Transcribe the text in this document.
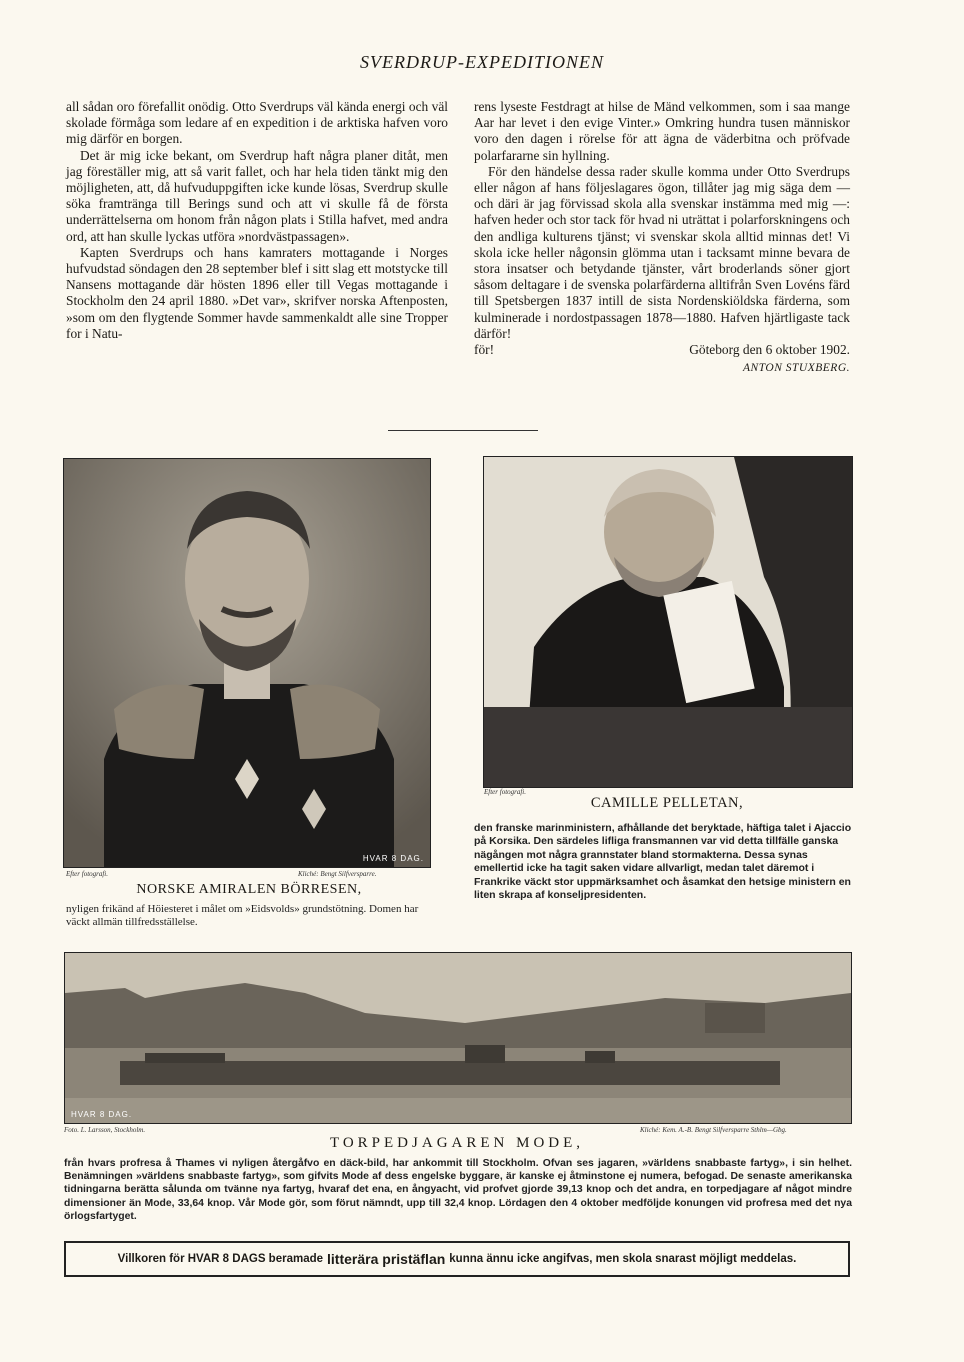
SVERDRUP-EXPEDITIONEN

all sådan oro förefallit onödig. Otto Sverdrups väl kända energi och väl skolade förmåga som ledare af en expedition i de arktiska hafven voro mig därför en borgen.

Det är mig icke bekant, om Sverdrup haft några planer ditåt, men jag föreställer mig, att så varit fallet, och har hela tiden tänkt mig den möjligheten, att, då hufvuduppgiften icke kunde lösas, Sverdrup skulle söka framtränga till Berings sund och att vi skulle få de första underrättelserna om honom från någon plats i Stilla hafvet, med andra ord, att han skulle lyckas utföra »nordvästpassagen».

Kapten Sverdrups och hans kamraters mottagande i Norges hufvudstad söndagen den 28 september blef i sitt slag ett motstycke till Nansens mottagande där hösten 1896 eller till Vegas mottagande i Stockholm den 24 april 1880. »Det var», skrifver norska Aftenposten, »som om den flygtende Sommer havde sammenkaldt alle sine Tropper for i Natu-

rens lyseste Festdragt at hilse de Mänd velkommen, som i saa mange Aar har levet i den evige Vinter.» Omkring hundra tusen människor voro den dagen i rörelse för att ägna de väderbitna och pröfvade polarfararne sin hyllning.

För den händelse dessa rader skulle komma under Otto Sverdrups eller någon af hans följeslagares ögon, tillåter jag mig säga dem — och däri är jag förvissad skola alla svenskar instämma med mig —: hafven heder och stor tack för hvad ni uträttat i polarforskningens och den andliga kulturens tjänst; vi svenskar skola alltid minnas det! Vi skola icke heller någonsin glömma utan i tacksamt minne bevara de stora insatser och betydande tjänster, vårt broderlands söner gjort såsom deltagare i de svenska polarfärderna alltifrån Sven Lovéns färd till Spetsbergen 1837 intill de sista Nordenskiöldska färderna, som kulminerade i nordostpassagen 1878—1880. Hafven hjärtligaste tack därför!

för!	Göteborg den 6 oktober 1902.
ANTON STUXBERG.
HVAR 8 DAG.
Efter fotografi.	Kliché: Bengt Silfversparre.
NORSKE AMIRALEN BÖRRESEN,
nyligen frikänd af Höiesteret i målet om »Eidsvolds» grundstötning. Domen har väckt allmän tillfredsställelse.
Efter fotografi.
CAMILLE PELLETAN,
den franske marinministern, afhållande det beryktade, häftiga talet i Ajaccio på Korsika. Den särdeles lifliga fransmannen var vid detta tillfälle ganska nägången mot några grannstater bland stormakterna. Dessa synas emellertid icke ha tagit saken vidare allvarligt, medan talet däremot i Frankrike väckt stor uppmärksamhet och åsamkat den hetsige ministern en liten skrapa af konseljpresidenten.
HVAR 8 DAG.
Foto. L. Larsson, Stockholm.	Kliché: Kem. A.-B. Bengt Silfversparre Sthlm—Gbg.
TORPEDJAGAREN MODE,
från hvars profresa å Thames vi nyligen återgåfvo en däck-bild, har ankommit till Stockholm. Ofvan ses jagaren, »världens snabbaste fartyg», i sin helhet. Benämningen »världens snabbaste fartyg», som gifvits Mode af dess engelske byggare, är kanske ej åtminstone ej numera, befogad. De senaste amerikanska tidningarna berätta sålunda om tvänne nya fartyg, hvaraf det ena, en ångyacht, vid profvet gjorde 39,13 knop och det andra, en torpedjagare af något mindre dimensioner än Mode, 33,64 knop. Vår Mode gör, som förut nämndt, upp till 32,4 knop. Lördagen den 4 oktober medföljde konungen vid profresa med det nya örlogsfartyget.
Villkoren för HVAR 8 DAGS beramade litterära pristäflan kunna ännu icke angifvas, men skola snarast möjligt meddelas.
